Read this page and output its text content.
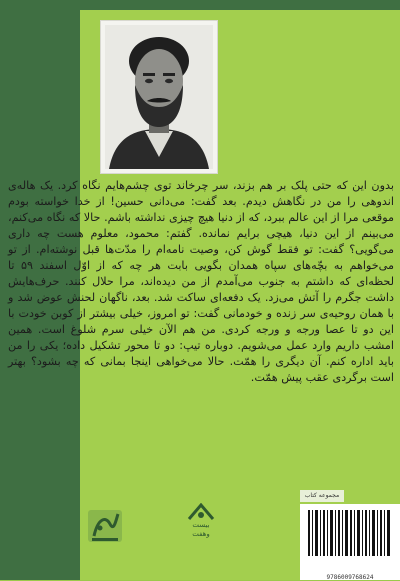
بدون این که حتی پلک بر هم بزند، سر چرخاند توی چشم‌هایم نگاه کرد. یک هاله‌ی اندوهی را من در نگاهش دیدم. بعد گفت: می‌دانی حسین! از خدا خواسته بودم موقعی مرا از این عالم ببرد، که از دنیا هیچ چیزی نداشته باشم. حالا که نگاه می‌کنم، می‌بینم از این دنیا، هیچی برایم نمانده. گفتم: محمود، معلوم هست چه داری می‌گویی؟ گفت: تو فقط گوش کن، وصیت نامه‌ام را مدّت‌ها قبل نوشته‌ام. از تو می‌خواهم به بچّه‌های سپاه همدان بگویی بابت هر چه که از اوّل اسفند ۵۹ تا لحظه‌ای که داشتم به جنوب می‌آمدم از من دیده‌اند، مرا حلال کنند. حرف‌هایش داشت جگرم را آتش می‌زد. یک دفعه‌ای ساکت شد. بعد، ناگهان لحنش عوض شد و با همان روحیه‌ی سر زنده و خودمانی گفت: تو امروز، خیلی بیشتر از کوبن خودت با این دو تا عصا ورجه و ورجه کردی. من هم الآن خیلی سرم شلوغ است. همین امشب داریم وارد عمل می‌شویم. دوباره تیپ: دو تا محور تشکیل داده؛ یکی را من باید اداره کنم. آن دیگری را همّت. حالا می‌خواهی اینجا بمانی که چه بشود؟ بهتر است برگردی عقب پیش همّت.

بیست
وهفت
مجموعه کتاب
9786009768624
